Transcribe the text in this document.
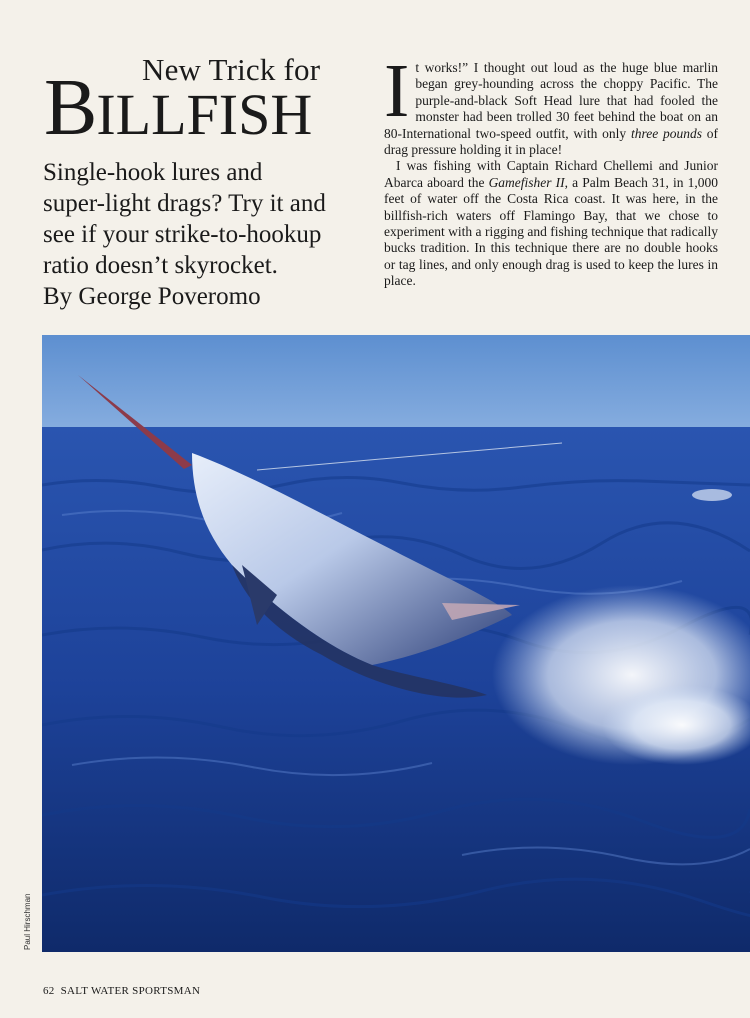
New Trick for
BILLFISH
Single-hook lures and
super-light drags? Try it and
see if your strike-to-hookup
ratio doesn’t skyrocket.
By George Poveromo

It works!” I thought out loud as the huge blue marlin began grey-hounding across the choppy Pacific. The purple-and-black Soft Head lure that had fooled the monster had been trolled 30 feet behind the boat on an 80-International two-speed outfit, with only three pounds of drag pressure holding it in place!

I was fishing with Captain Richard Chellemi and Junior Abarca aboard the Gamefisher II, a Palm Beach 31, in 1,000 feet of water off the Costa Rica coast. It was here, in the billfish-rich waters off Flamingo Bay, that we chose to experiment with a rigging and fishing technique that radically bucks tradition. In this technique there are no double hooks or tag lines, and only enough drag is used to keep the lures in place.

Paul Hirschman
62 SALT WATER SPORTSMAN
